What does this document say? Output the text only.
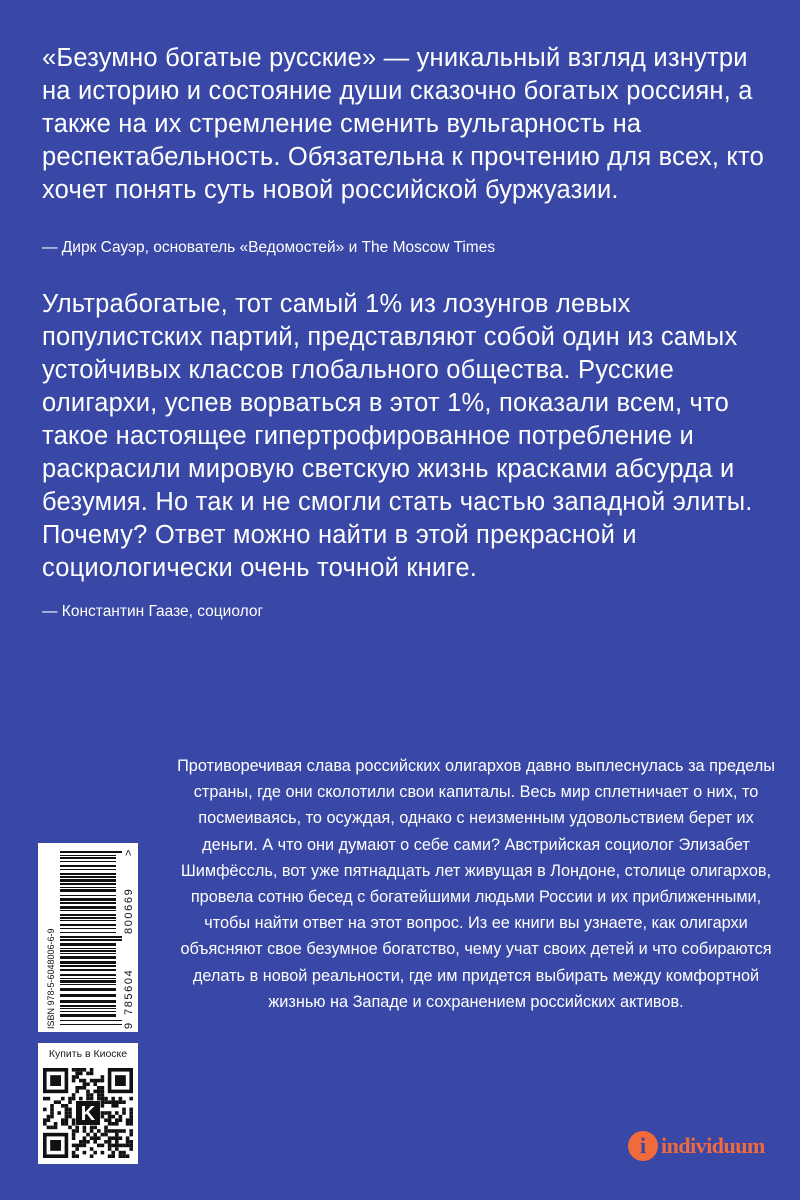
«Безумно богатые русские» — уникальный взгляд изнутри на историю и состояние души сказочно богатых россиян, а также на их стремление сменить вульгарность на респектабельность. Обязательна к прочтению для всех, кто хочет понять суть новой российской буржуазии.
— Дирк Сауэр, основатель «Ведомостей» и The Moscow Times
Ультрабогатые, тот самый 1% из лозунгов левых популистских партий, представляют собой один из самых устойчивых классов глобального общества. Русские олигархи, успев ворваться в этот 1%, показали всем, что такое настоящее гипертрофированное потребление и раскрасили мировую светскую жизнь красками абсурда и безумия. Но так и не смогли стать частью западной элиты. Почему? Ответ можно найти в этой прекрасной и социологически очень точной книге.
— Константин Гаазе, социолог
Противоречивая слава российских олигархов давно выплеснулась за пределы страны, где они сколотили свои капиталы. Весь мир сплетничает о них, то посмеиваясь, то осуждая, однако с неизменным удовольствием берет их деньги. А что они думают о себе сами? Австрийская социолог Элизабет Шимфёссль, вот уже пятнадцать лет живущая в Лондоне, столице олигархов, провела сотню бесед с богатейшими людьми России и их приближенными, чтобы найти ответ на этот вопрос. Из ее книги вы узнаете, как олигархи объясняют свое безумное богатство, чему учат своих детей и что собираются делать в новой реальности, где им придется выбирать между комфортной жизнью на Западе и сохранением российских активов.
ISBN 978-5-6048006-6-9	9
785604
800669
>
Купить в Киоске
K
i individuum
